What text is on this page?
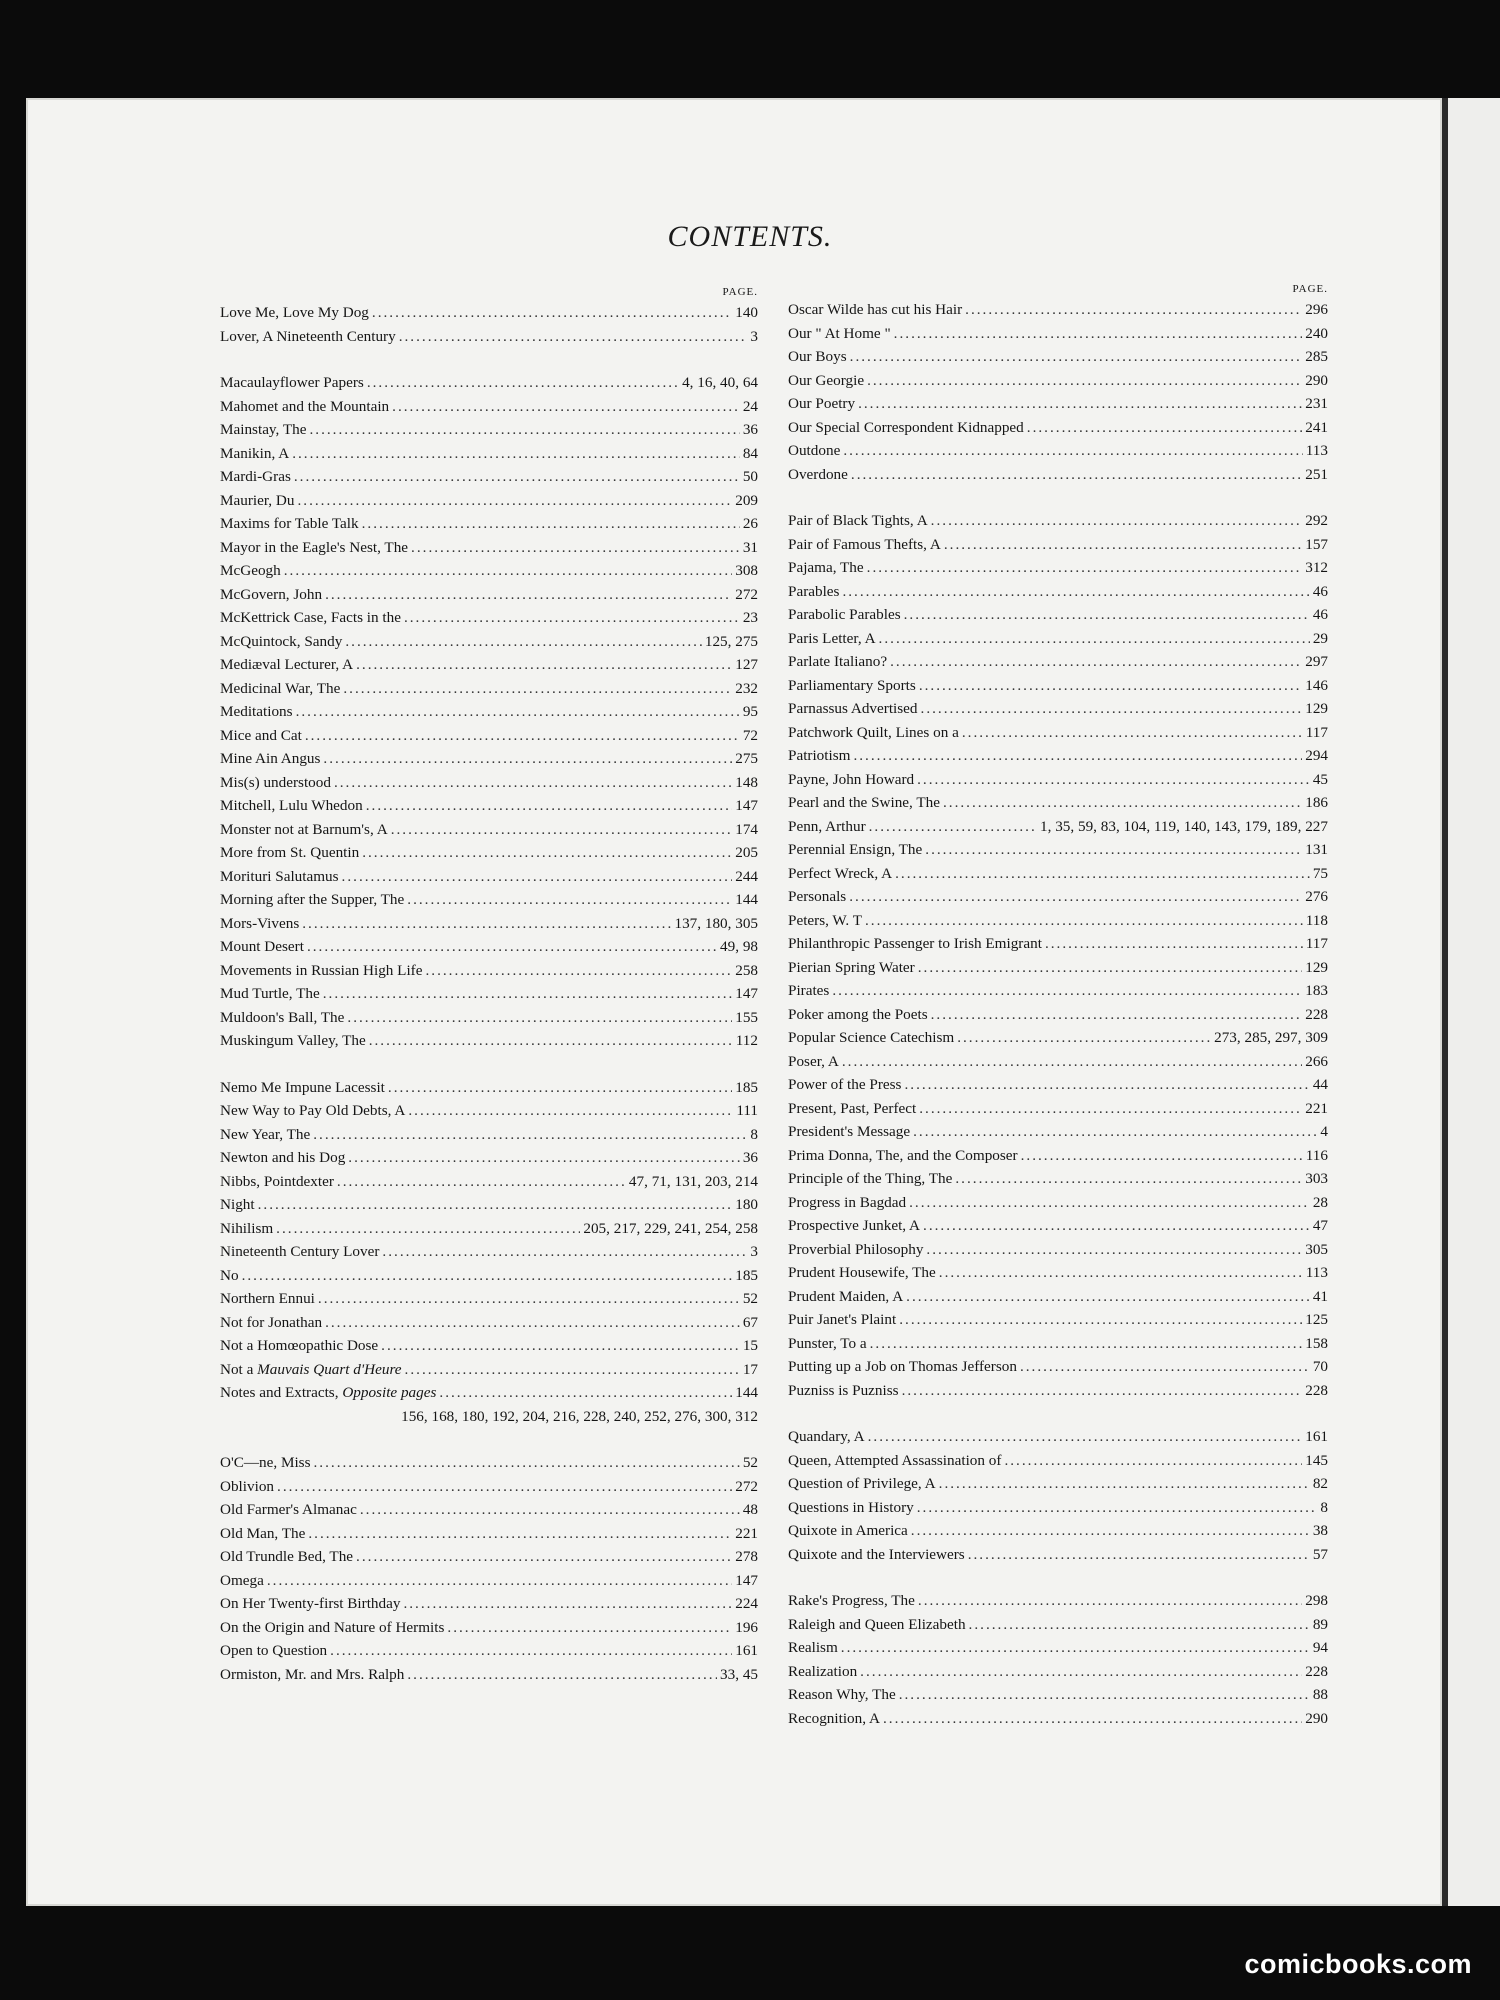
CONTENTS.
PAGE.
Love Me, Love My Dog .....	140
Lover, A Nineteenth Century .....	3
Macaulayflower Papers .....	4, 16, 40, 64
Mahomet and the Mountain .....	24
Mainstay, The .....	36
Manikin, A .....	84
Mardi-Gras .....	50
Maurier, Du .....	209
Maxims for Table Talk .....	26
Mayor in the Eagle's Nest, The .....	31
McGeogh .....	308
McGovern, John .....	272
McKettrick Case, Facts in the .....	23
McQuintock, Sandy .....	125, 275
Mediæval Lecturer, A .....	127
Medicinal War, The .....	232
Meditations .....	95
Mice and Cat .....	72
Mine Ain Angus .....	275
Mis(s) understood .....	148
Mitchell, Lulu Whedon .....	147
Monster not at Barnum's, A .....	174
More from St. Quentin .....	205
Morituri Salutamus .....	244
Morning after the Supper, The .....	144
Mors-Vivens .....	137, 180, 305
Mount Desert .....	49, 98
Movements in Russian High Life .....	258
Mud Turtle, The .....	147
Muldoon's Ball, The .....	155
Muskingum Valley, The .....	112
Nemo Me Impune Lacessit .....	185
New Way to Pay Old Debts, A .....	111
New Year, The .....	8
Newton and his Dog .....	36
Nibbs, Pointdexter .....	47, 71, 131, 203, 214
Night .....	180
Nihilism .....	205, 217, 229, 241, 254, 258
Nineteenth Century Lover .....	3
No .....	185
Northern Ennui .....	52
Not for Jonathan .....	67
Not a Homœopathic Dose .....	15
Not a Mauvais Quart d'Heure .....	17
Notes and Extracts, Opposite pages .....	144
156, 168, 180, 192, 204, 216, 228, 240, 252, 276, 300, 312
O'C—ne, Miss .....	52
Oblivion .....	272
Old Farmer's Almanac .....	48
Old Man, The .....	221
Old Trundle Bed, The .....	278
Omega .....	147
On Her Twenty-first Birthday .....	224
On the Origin and Nature of Hermits .....	196
Open to Question .....	161
Ormiston, Mr. and Mrs. Ralph .....	33, 45
PAGE.
Oscar Wilde has cut his Hair .....	296
Our " At Home " .....	240
Our Boys .....	285
Our Georgie .....	290
Our Poetry .....	231
Our Special Correspondent Kidnapped .....	241
Outdone .....	113
Overdone .....	251
Pair of Black Tights, A .....	292
Pair of Famous Thefts, A .....	157
Pajama, The .....	312
Parables .....	46
Parabolic Parables .....	46
Paris Letter, A .....	29
Parlate Italiano? .....	297
Parliamentary Sports .....	146
Parnassus Advertised .....	129
Patchwork Quilt, Lines on a .....	117
Patriotism .....	294
Payne, John Howard .....	45
Pearl and the Swine, The .....	186
Penn, Arthur .....	1, 35, 59, 83, 104, 119, 140, 143, 179, 189, 227
Perennial Ensign, The .....	131
Perfect Wreck, A .....	75
Personals .....	276
Peters, W. T .....	118
Philanthropic Passenger to Irish Emigrant .....	117
Pierian Spring Water .....	129
Pirates .....	183
Poker among the Poets .....	228
Popular Science Catechism .....	273, 285, 297, 309
Poser, A .....	266
Power of the Press .....	44
Present, Past, Perfect .....	221
President's Message .....	4
Prima Donna, The, and the Composer .....	116
Principle of the Thing, The .....	303
Progress in Bagdad .....	28
Prospective Junket, A .....	47
Proverbial Philosophy .....	305
Prudent Housewife, The .....	113
Prudent Maiden, A .....	41
Puir Janet's Plaint .....	125
Punster, To a .....	158
Putting up a Job on Thomas Jefferson .....	70
Puzniss is Puzniss .....	228
Quandary, A .....	161
Queen, Attempted Assassination of .....	145
Question of Privilege, A .....	82
Questions in History .....	8
Quixote in America .....	38
Quixote and the Interviewers .....	57
Rake's Progress, The .....	298
Raleigh and Queen Elizabeth .....	89
Realism .....	94
Realization .....	228
Reason Why, The .....	88
Recognition, A .....	290
comicbooks.com
